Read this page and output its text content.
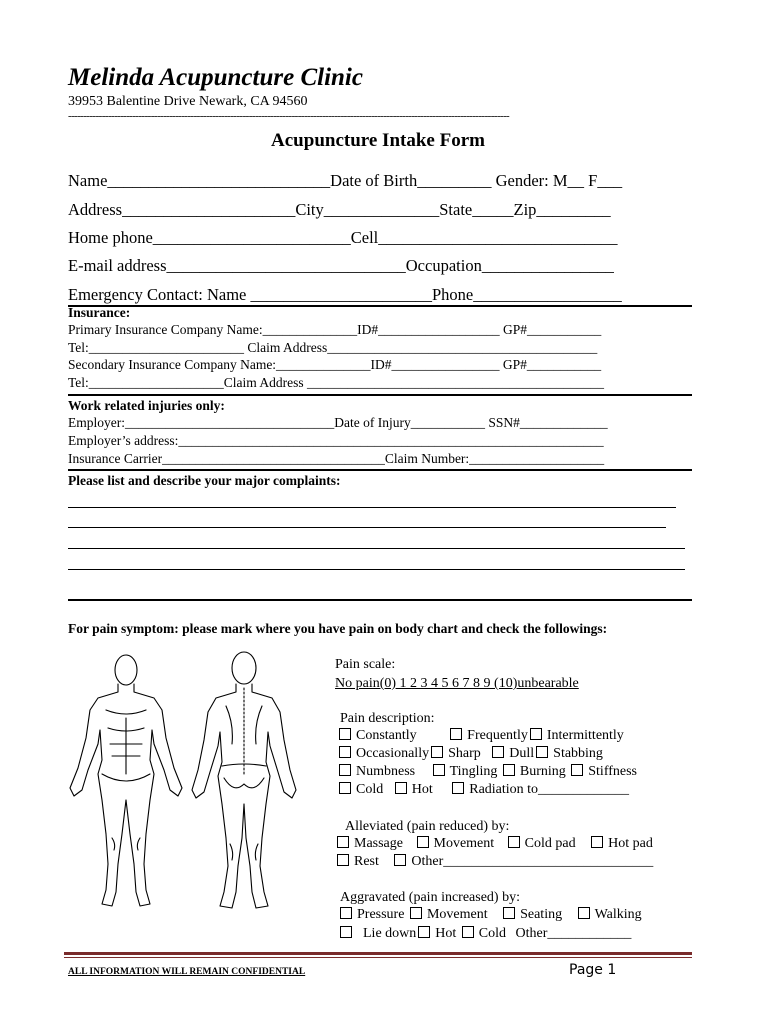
Melinda Acupuncture Clinic
39953 Balentine Drive Newark, CA 94560
------------------------------------------------------------------------------------------------------------------------------------------------
Acupuncture Intake Form
Name___________________________Date of Birth_________ Gender: M__ F___
Address_____________________City______________State_____Zip_________
Home phone________________________Cell_____________________________
E-mail address_____________________________Occupation________________
Emergency Contact: Name ______________________Phone__________________
Insurance:
Primary Insurance Company Name:______________ID#__________________ GP#___________
Tel:_______________________ Claim Address________________________________________
Secondary Insurance Company Name:______________ID#________________ GP#___________
Tel:____________________Claim Address ____________________________________________
Work related injuries only:
Employer:_______________________________Date of Injury___________ SSN#_____________
Employer’s address:_______________________________________________________________
Insurance Carrier_________________________________Claim Number:____________________
Please list and describe your major complaints:
For pain symptom: please mark where you have pain on body chart and check the followings:
Pain scale:
No pain(0) 1 2 3 4 5 6 7 8 9 (10)unbearable
Pain description:
Constantly	Frequently Intermittently
Occasionally Sharp Dull Stabbing
Numbness Tingling Burning Stiffness
Cold Hot	Radiation to_____________
Alleviated (pain reduced) by:
Massage Movement Cold pad Hot pad
Rest Other______________________________
Aggravated (pain increased) by:
Pressure Movement Seating Walking
Lie down Hot Cold Other____________
ALL INFORMATION WILL REMAIN CONFIDENTIAL	Page 1
